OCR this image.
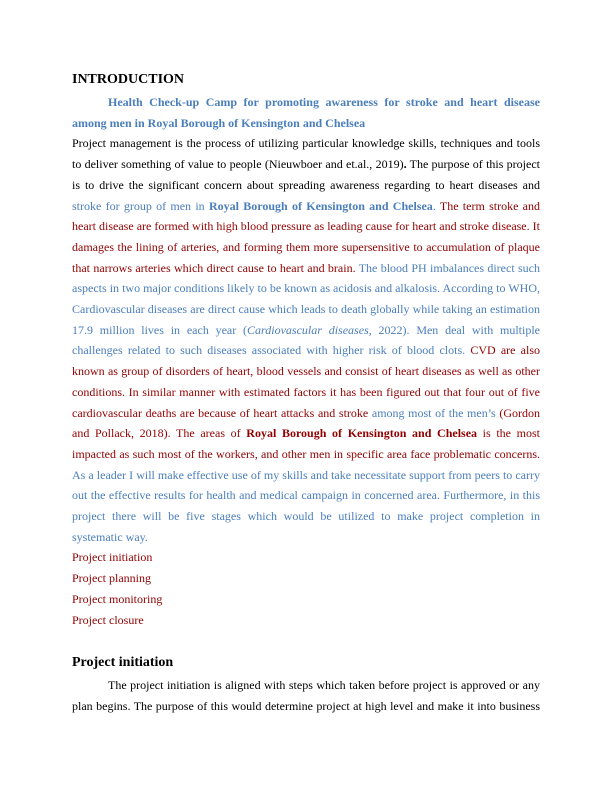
INTRODUCTION

Health Check-up Camp for promoting awareness for stroke and heart disease among men in Royal Borough of Kensington and Chelsea

Project management is the process of utilizing particular knowledge skills, techniques and tools to deliver something of value to people (Nieuwboer and et.al., 2019). The purpose of this project is to drive the significant concern about spreading awareness regarding to heart diseases and stroke for group of men in Royal Borough of Kensington and Chelsea. The term stroke and heart disease are formed with high blood pressure as leading cause for heart and stroke disease. It damages the lining of arteries, and forming them more supersensitive to accumulation of plaque that narrows arteries which direct cause to heart and brain. The blood PH imbalances direct such aspects in two major conditions likely to be known as acidosis and alkalosis. According to WHO, Cardiovascular diseases are direct cause which leads to death globally while taking an estimation 17.9 million lives in each year (Cardiovascular diseases, 2022). Men deal with multiple challenges related to such diseases associated with higher risk of blood clots. CVD are also known as group of disorders of heart, blood vessels and consist of heart diseases as well as other conditions. In similar manner with estimated factors it has been figured out that four out of five cardiovascular deaths are because of heart attacks and stroke among most of the men’s (Gordon and Pollack, 2018). The areas of Royal Borough of Kensington and Chelsea is the most impacted as such most of the workers, and other men in specific area face problematic concerns. As a leader I will make effective use of my skills and take necessitate support from peers to carry out the effective results for health and medical campaign in concerned area. Furthermore, in this project there will be five stages which would be utilized to make project completion in systematic way.

Project initiation
Project planning
Project monitoring
Project closure
Project initiation

The project initiation is aligned with steps which taken before project is approved or any plan begins. The purpose of this would determine project at high level and make it into business
